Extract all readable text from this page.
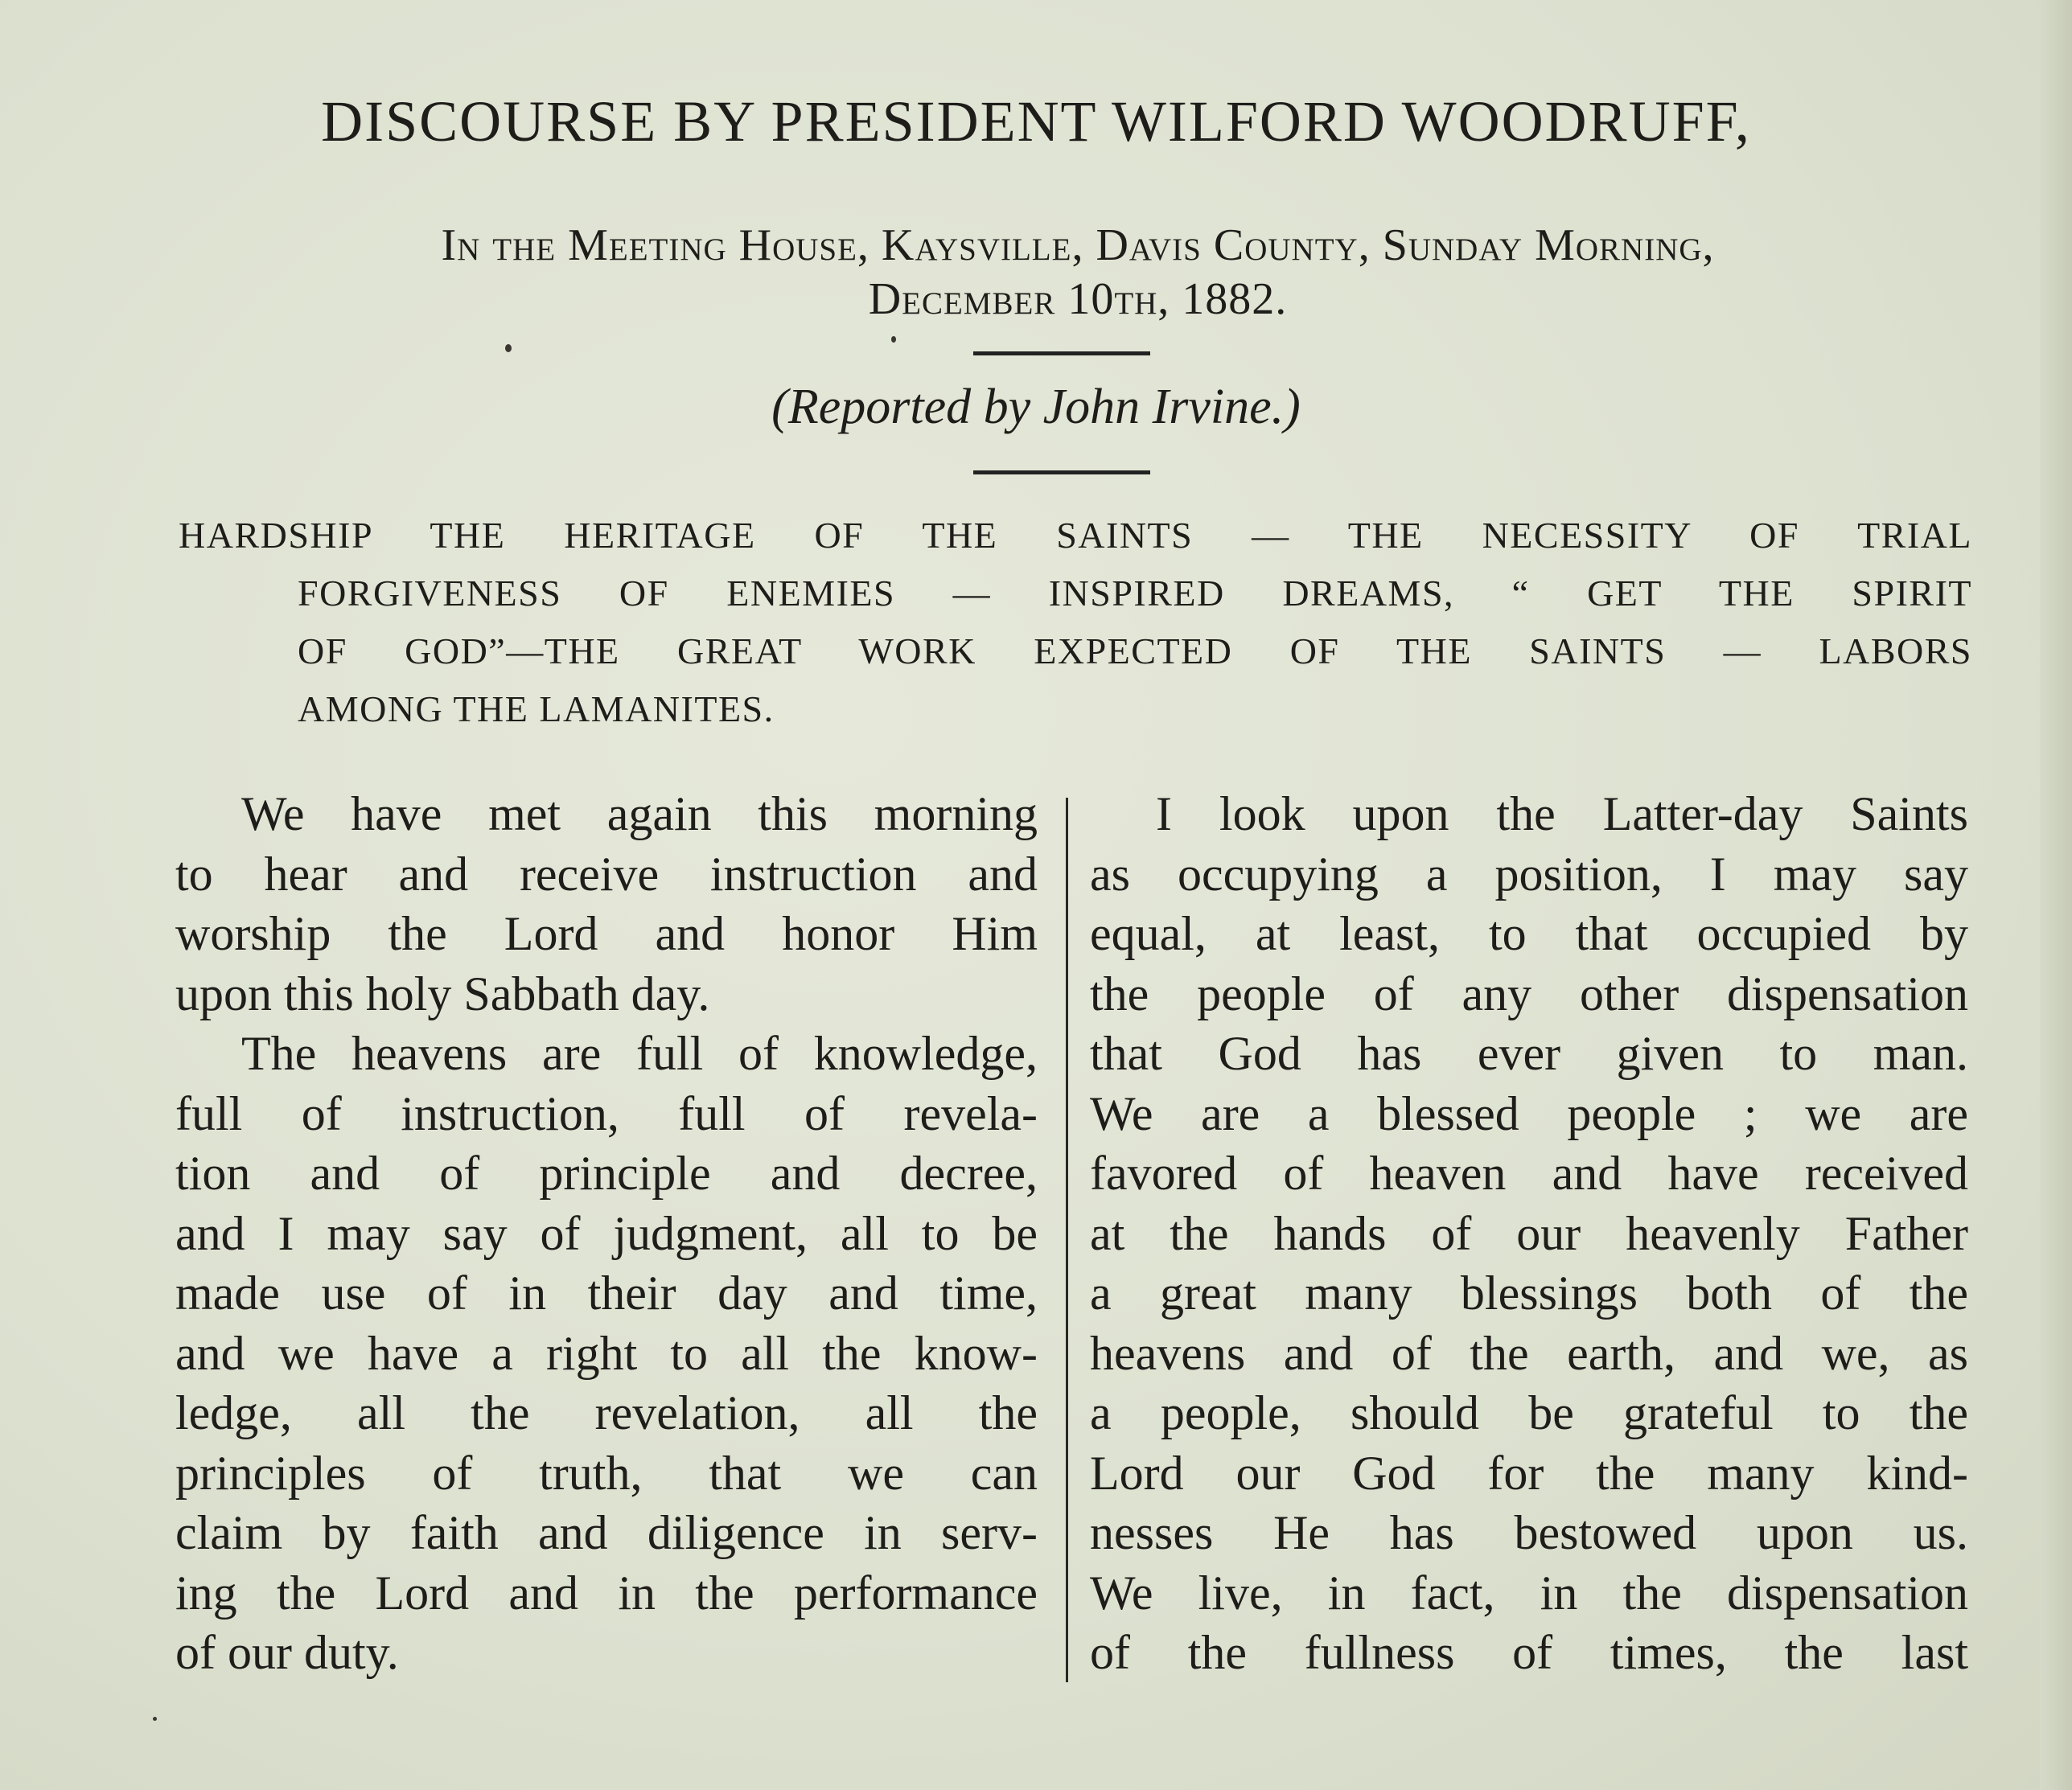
DISCOURSE BY PRESIDENT WILFORD WOODRUFF,
In the Meeting House, Kaysville, Davis County, Sunday Morning,
December 10th, 1882.
(Reported by John Irvine.)
HARDSHIP THE HERITAGE OF THE SAINTS — THE NECESSITY OF TRIAL
FORGIVENESS OF ENEMIES — INSPIRED DREAMS, “ GET THE SPIRIT
OF GOD”—THE GREAT WORK EXPECTED OF THE SAINTS — LABORS
AMONG THE LAMANITES.
We have met again this morning
to hear and receive instruction and
worship the Lord and honor Him
upon this holy Sabbath day.
The heavens are full of knowledge,
full of instruction, full of revela-
tion and of principle and decree,
and I may say of judgment, all to be
made use of in their day and time,
and we have a right to all the know-
ledge, all the revelation, all the
principles of truth, that we can
claim by faith and diligence in serv-
ing the Lord and in the performance
of our duty.
I look upon the Latter-day Saints
as occupying a position, I may say
equal, at least, to that occupied by
the people of any other dispensation
that God has ever given to man.
We are a blessed people ; we are
favored of heaven and have received
at the hands of our heavenly Father
a great many blessings both of the
heavens and of the earth, and we, as
a people, should be grateful to the
Lord our God for the many kind-
nesses He has bestowed upon us.
We live, in fact, in the dispensation
of the fullness of times, the last
